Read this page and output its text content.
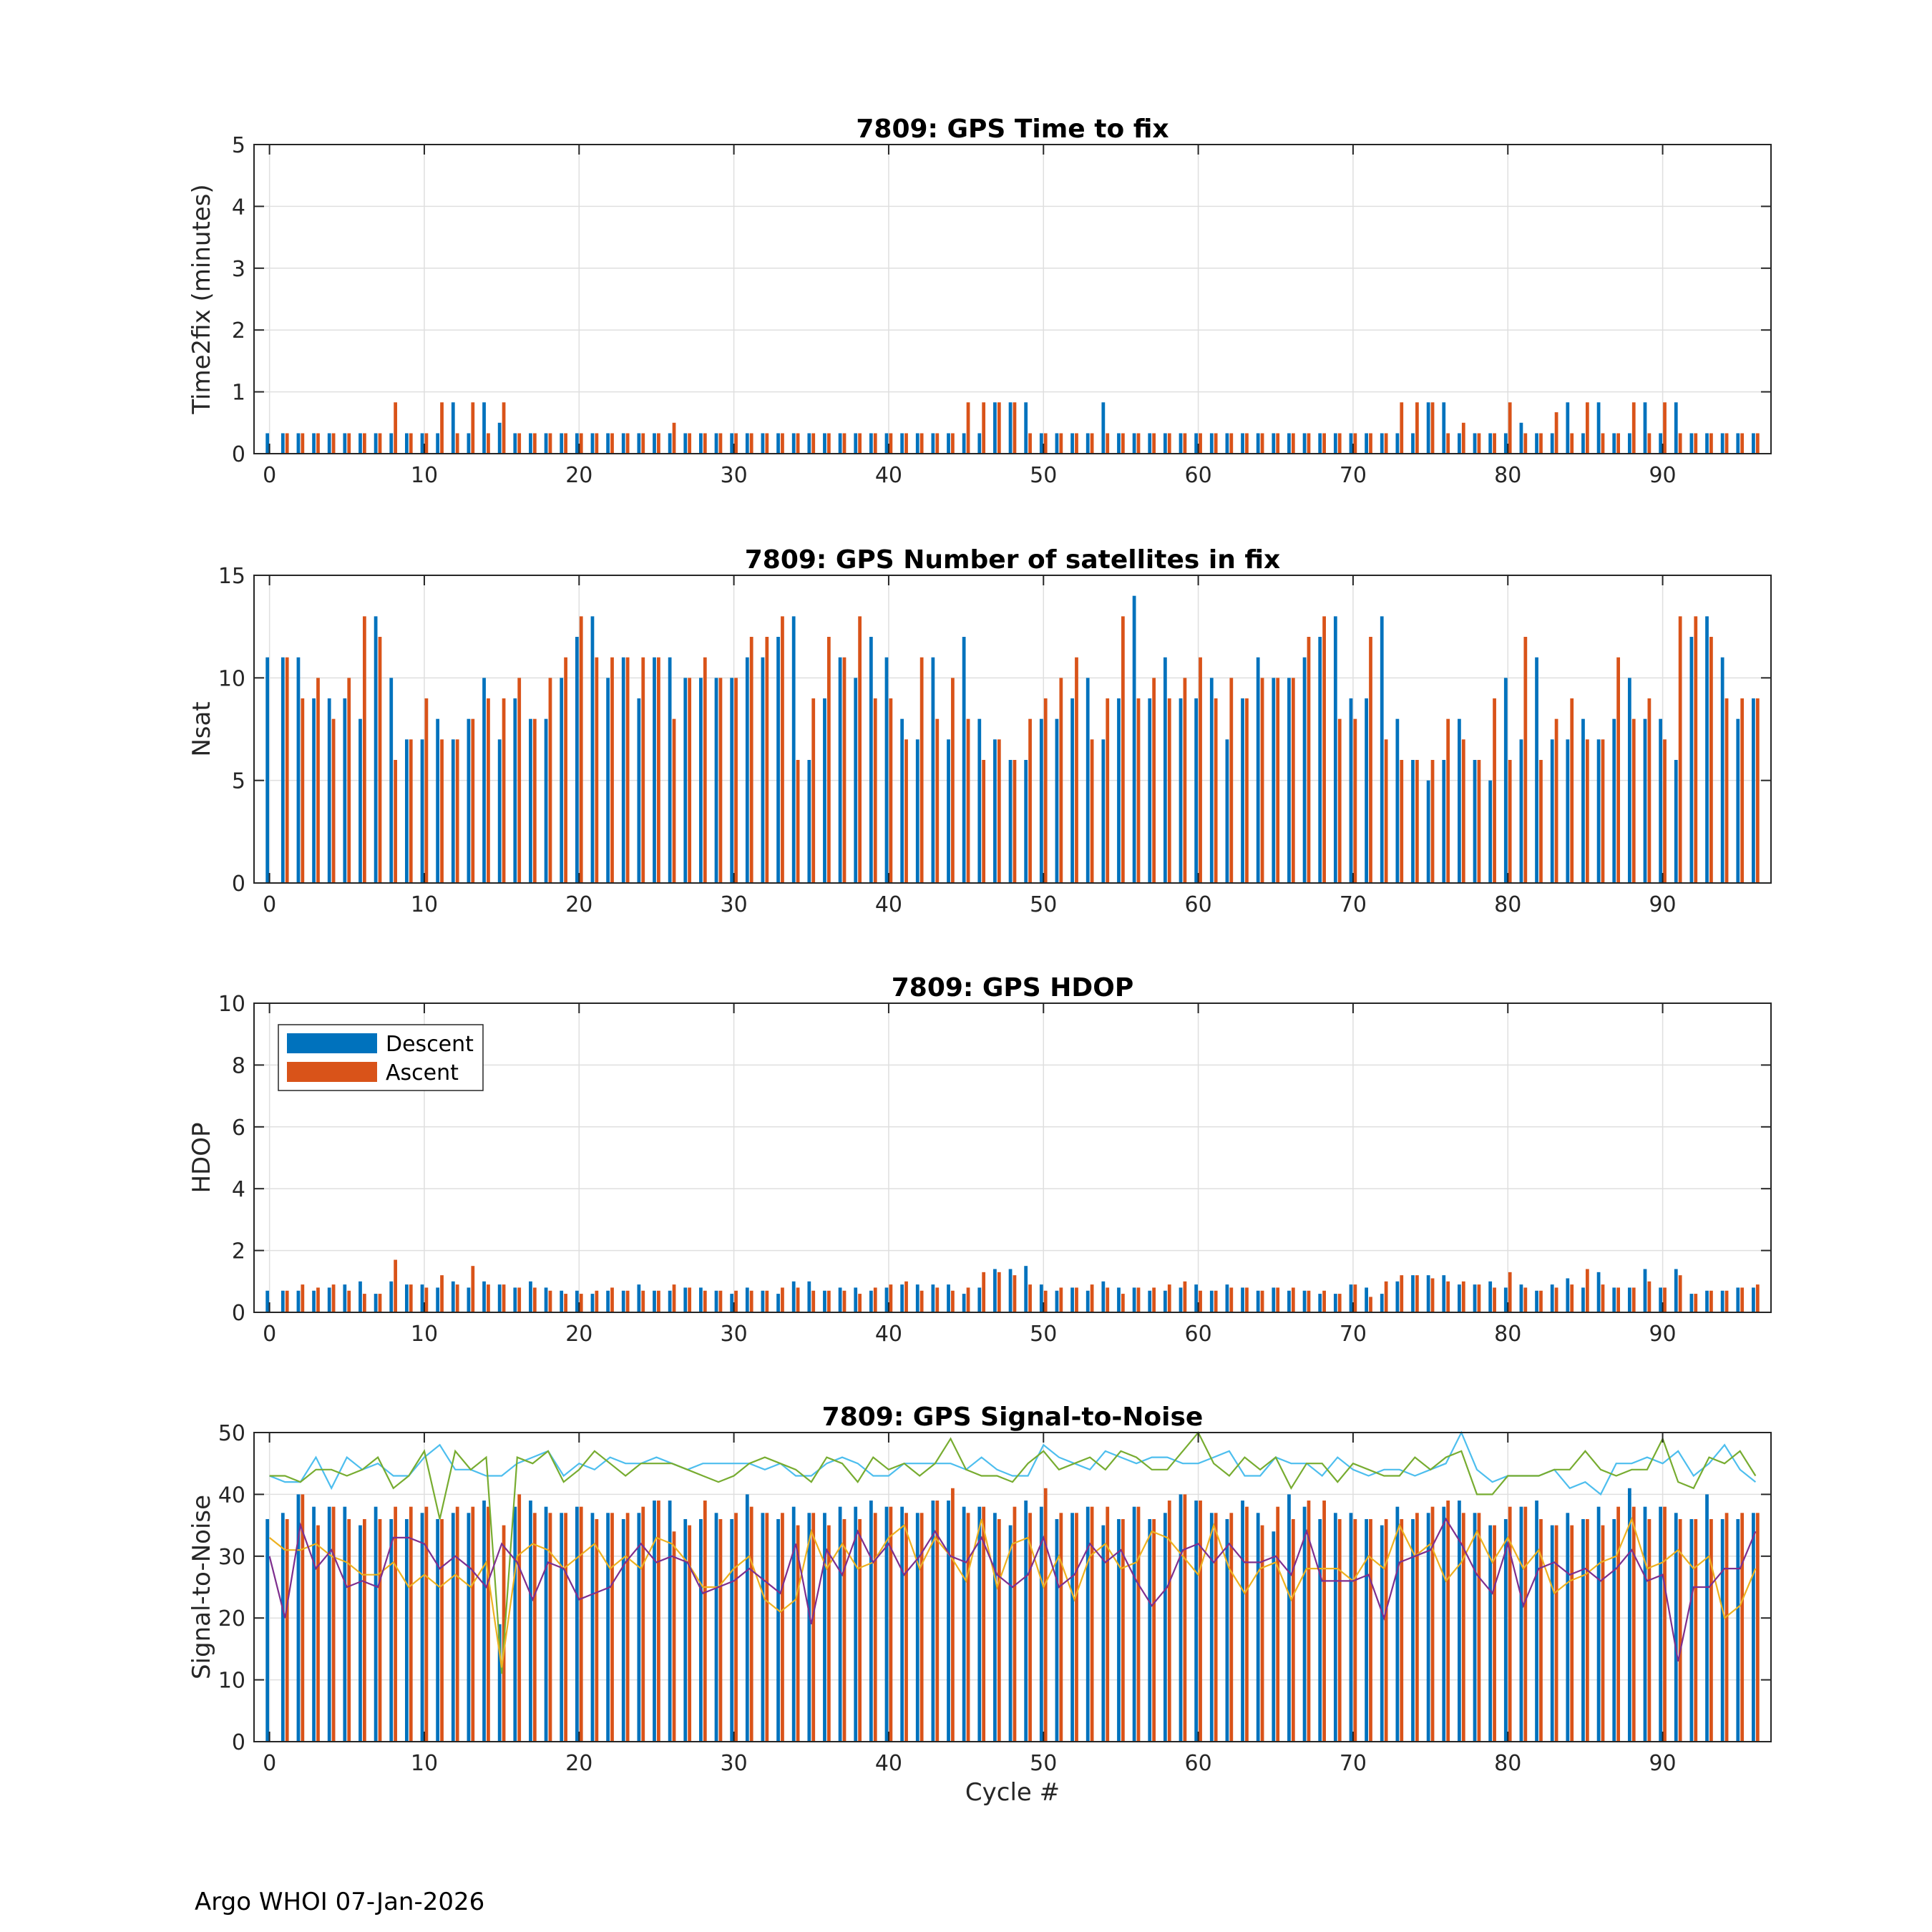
0	10	20	30	40	50	60	70	80	90
0
1
2
3
4
5
7809: GPS Time to fix
Time2fix (minutes)
0	10	20	30	40	50	60	70	80	90
0
5
10
15
7809: GPS Number of satellites in fix
Nsat
0	10	20	30	40	50	60	70	80	90
0
2
4
6
8
10
7809: GPS HDOP
HDOP
Descent
Ascent
0	10	20	30	40	50	60	70	80	90
0
10
20
30
40
50
7809: GPS Signal-to-Noise
Signal-to-Noise
Cycle #
Argo WHOI 07-Jan-2026
